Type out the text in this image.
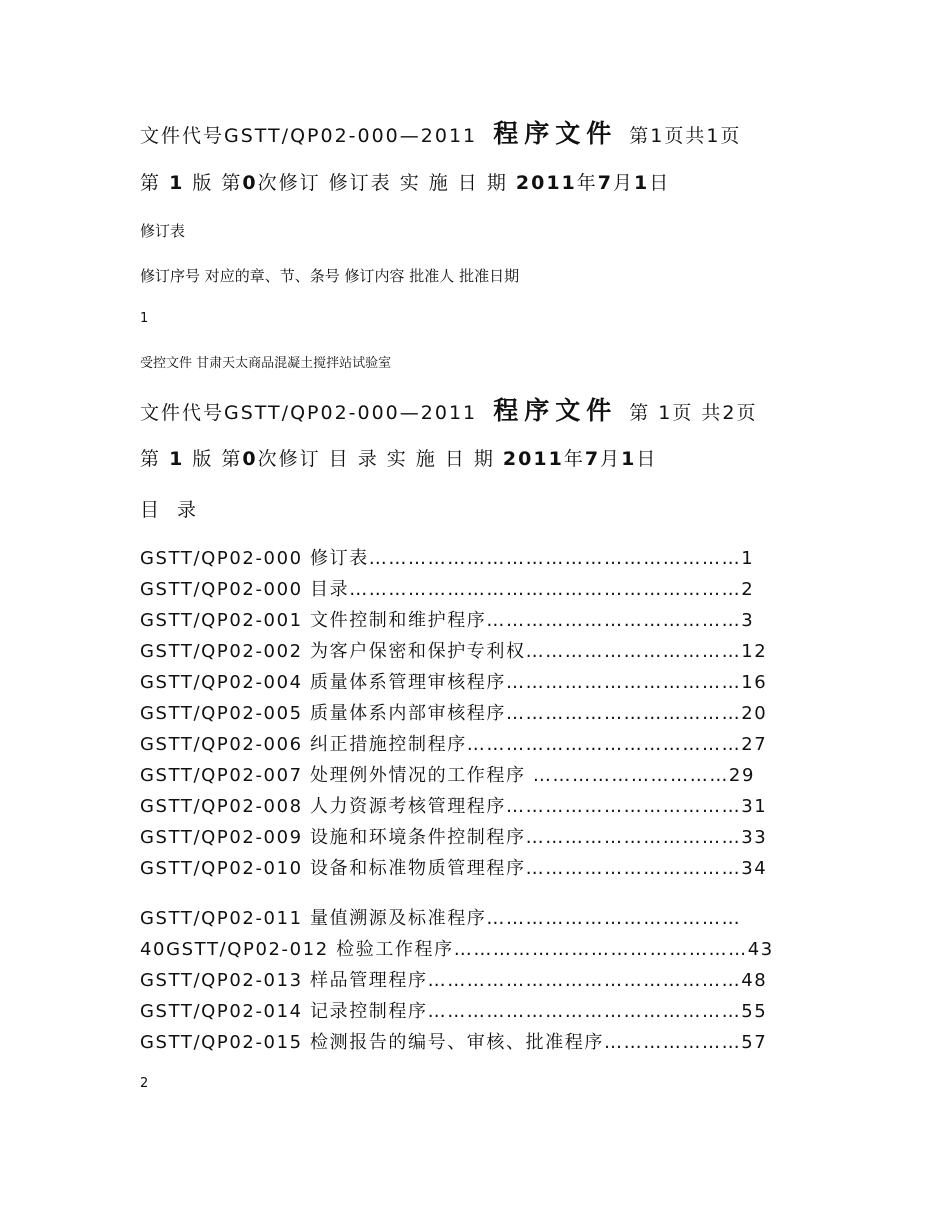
文件代号GSTT/QP02-000—2011 程序文件 第1页共1页
第 1 版 第0次修订 修订表 实 施 日 期 2011年7月1日
修订表
修订序号 对应的章、节、条号 修订内容 批准人 批准日期
1
受控文件 甘肃天太商品混凝土搅拌站试验室
文件代号GSTT/QP02-000—2011 程序文件 第 1页 共2页
第 1 版 第0次修订 目 录 实 施 日 期 2011年7月1日
目 录
GSTT/QP02-000 修订表…………………………………………………1
GSTT/QP02-000 目录……………………………………………………2
GSTT/QP02-001 文件控制和维护程序…………………………………3
GSTT/QP02-002 为客户保密和保护专利权……………………………12
GSTT/QP02-004 质量体系管理审核程序………………………………16
GSTT/QP02-005 质量体系内部审核程序………………………………20
GSTT/QP02-006 纠正措施控制程序……………………………………27
GSTT/QP02-007 处理例外情况的工作程序 …………………………29
GSTT/QP02-008 人力资源考核管理程序………………………………31
GSTT/QP02-009 设施和环境条件控制程序……………………………33
GSTT/QP02-010 设备和标准物质管理程序……………………………34
GSTT/QP02-011 量值溯源及标准程序…………………………………
40GSTT/QP02-012 检验工作程序………………………………………43
GSTT/QP02-013 样品管理程序…………………………………………48
GSTT/QP02-014 记录控制程序…………………………………………55
GSTT/QP02-015 检测报告的编号、审核、批准程序…………………57
2
